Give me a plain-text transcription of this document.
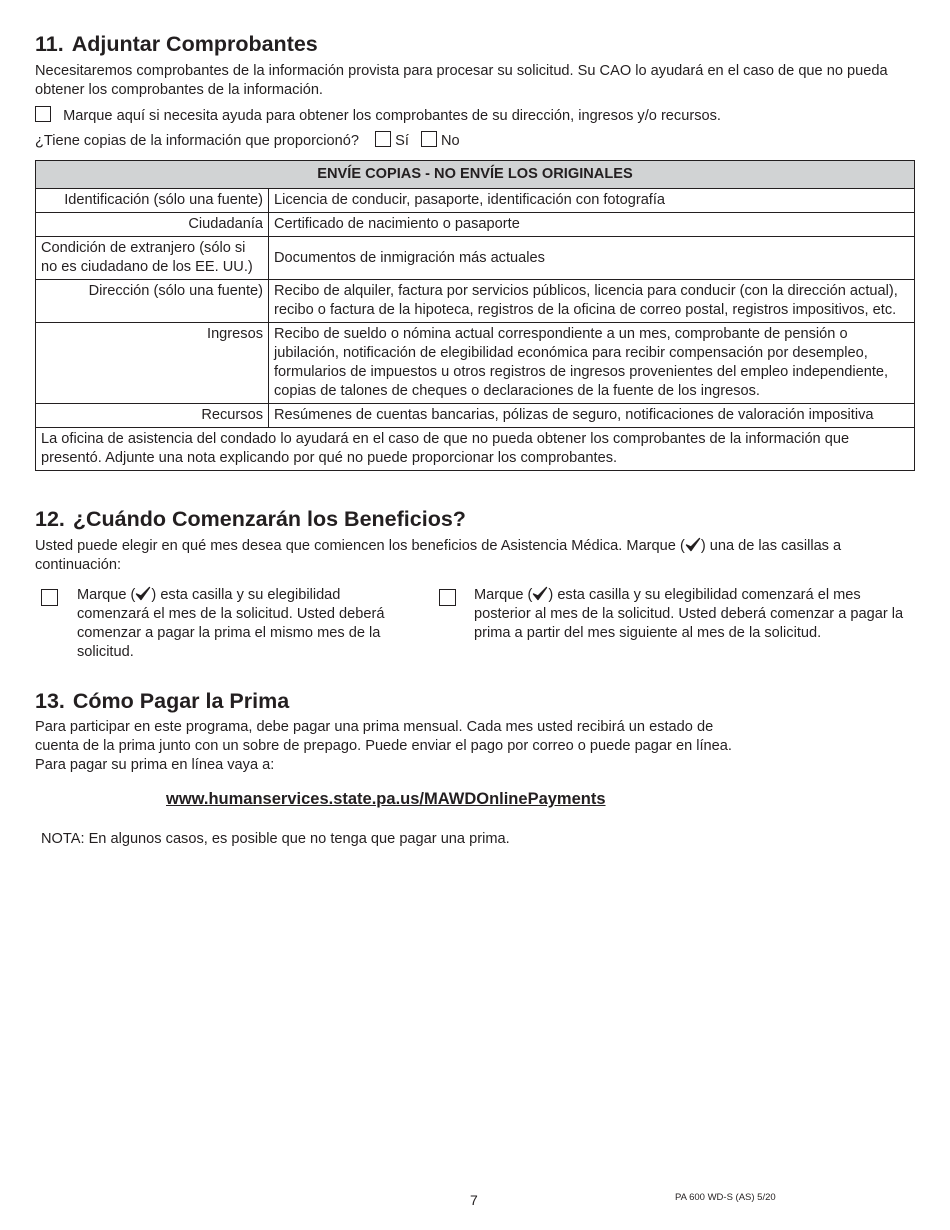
11. Adjuntar Comprobantes
Necesitaremos comprobantes de la información provista para procesar su solicitud. Su CAO lo ayudará en el caso de que no pueda obtener los comprobantes de la información.
Marque aquí si necesita ayuda para obtener los comprobantes de su dirección, ingresos y/o recursos.
¿Tiene copias de la información que proporcionó? Sí No
ENVÍE COPIAS - NO ENVÍE LOS ORIGINALES	
Identificación (sólo una fuente)	Licencia de conducir, pasaporte, identificación con fotografía
Ciudadanía	Certificado de nacimiento o pasaporte
Condición de extranjero (sólo si no es ciudadano de los EE. UU.)	Documentos de inmigración más actuales
Dirección (sólo una fuente)	Recibo de alquiler, factura por servicios públicos, licencia para conducir (con la dirección actual), recibo o factura de la hipoteca, registros de la oficina de correo postal, registros impositivos, etc.
Ingresos	Recibo de sueldo o nómina actual correspondiente a un mes, comprobante de pensión o jubilación, notificación de elegibilidad económica para recibir compensación por desempleo, formularios de impuestos u otros registros de ingresos provenientes del empleo independiente, copias de talones de cheques o declaraciones de la fuente de los ingresos.
Recursos	Resúmenes de cuentas bancarias, pólizas de seguro, notificaciones de valoración impositiva
La oficina de asistencia del condado lo ayudará en el caso de que no pueda obtener los comprobantes de la información que presentó. Adjunte una nota explicando por qué no puede proporcionar los comprobantes.	
12. ¿Cuándo Comenzarán los Beneficios?
Usted puede elegir en qué mes desea que comiencen los beneficios de Asistencia Médica. Marque ( ) una de las casillas a continuación:
Marque ( ) esta casilla y su elegibilidad comenzará el mes de la solicitud. Usted deberá comenzar a pagar la prima el mismo mes de la solicitud.
Marque ( ) esta casilla y su elegibilidad comenzará el mes posterior al mes de la solicitud. Usted deberá comenzar a pagar la prima a partir del mes siguiente al mes de la solicitud.
13. Cómo Pagar la Prima
Para participar en este programa, debe pagar una prima mensual. Cada mes usted recibirá un estado de
cuenta de la prima junto con un sobre de prepago. Puede enviar el pago por correo o puede pagar en línea.
Para pagar su prima en línea vaya a:
www.humanservices.state.pa.us/MAWDOnlinePayments
NOTA: En algunos casos, es posible que no tenga que pagar una prima.
7	PA 600 WD-S (AS) 5/20
